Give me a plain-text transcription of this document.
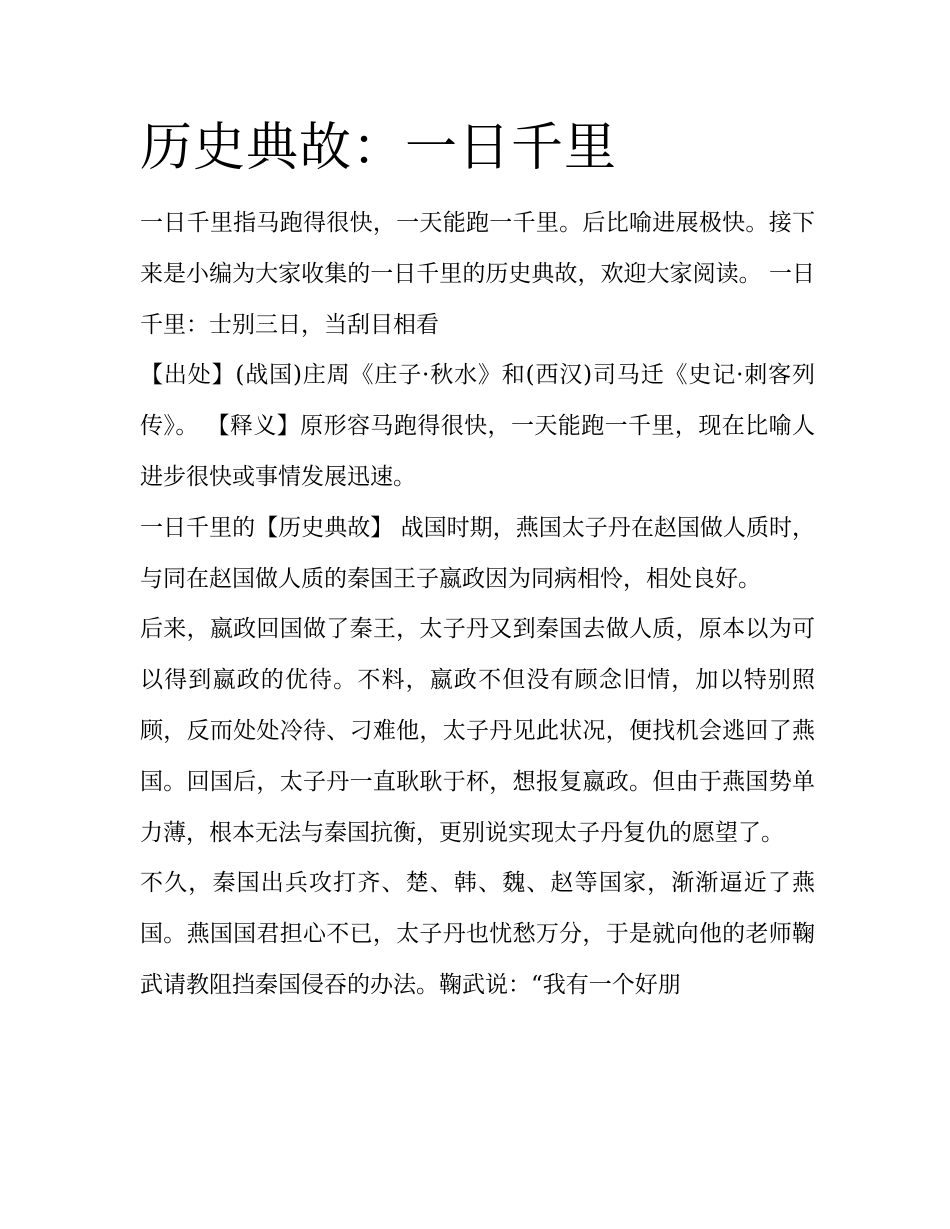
历史典故：一日千里

一日千里指马跑得很快，一天能跑一千里。后比喻进展极快。接下来是小编为大家收集的一日千里的历史典故，欢迎大家阅读。 一日千里：士别三日，当刮目相看

【出处】(战国)庄周《庄子·秋水》和(西汉)司马迁《史记·刺客列传》。 【释义】原形容马跑得很快，一天能跑一千里，现在比喻人进步很快或事情发展迅速。

一日千里的【历史典故】 战国时期，燕国太子丹在赵国做人质时，与同在赵国做人质的秦国王子嬴政因为同病相怜，相处良好。

后来，嬴政回国做了秦王，太子丹又到秦国去做人质，原本以为可以得到嬴政的优待。不料，嬴政不但没有顾念旧情，加以特别照顾，反而处处冷待、刁难他，太子丹见此状况，便找机会逃回了燕国。回国后，太子丹一直耿耿于杯，想报复嬴政。但由于燕国势单力薄，根本无法与秦国抗衡，更别说实现太子丹复仇的愿望了。

不久，秦国出兵攻打齐、楚、韩、魏、赵等国家，渐渐逼近了燕国。燕国国君担心不已，太子丹也忧愁万分，于是就向他的老师鞠武请教阻挡秦国侵吞的办法。鞠武说：“我有一个好朋
